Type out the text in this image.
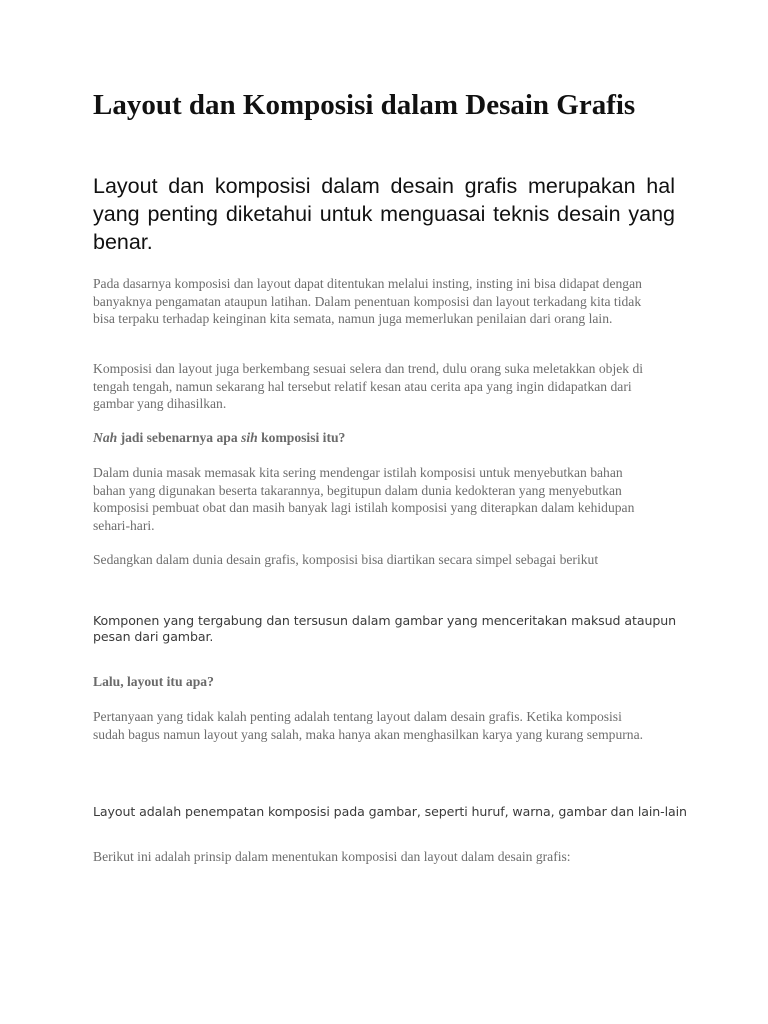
Layout dan Komposisi dalam Desain Grafis

Layout dan komposisi dalam desain grafis merupakan hal yang penting diketahui untuk menguasai teknis desain yang benar.

Pada dasarnya komposisi dan layout dapat ditentukan melalui insting, insting ini bisa didapat dengan banyaknya pengamatan ataupun latihan. Dalam penentuan komposisi dan layout terkadang kita tidak bisa terpaku terhadap keinginan kita semata, namun juga memerlukan penilaian dari orang lain.

Komposisi dan layout juga berkembang sesuai selera dan trend, dulu orang suka meletakkan objek di tengah tengah, namun sekarang hal tersebut relatif kesan atau cerita apa yang ingin didapatkan dari gambar yang dihasilkan.

Nah jadi sebenarnya apa sih komposisi itu?

Dalam dunia masak memasak kita sering mendengar istilah komposisi untuk menyebutkan bahan bahan yang digunakan beserta takarannya, begitupun dalam dunia kedokteran yang menyebutkan komposisi pembuat obat dan masih banyak lagi istilah komposisi yang diterapkan dalam kehidupan sehari-hari.

Sedangkan dalam dunia desain grafis, komposisi bisa diartikan secara simpel sebagai berikut

Komponen yang tergabung dan tersusun dalam gambar yang menceritakan maksud ataupun pesan dari gambar.

Lalu, layout itu apa?

Pertanyaan yang tidak kalah penting adalah tentang layout dalam desain grafis. Ketika komposisi sudah bagus namun layout yang salah, maka hanya akan menghasilkan karya yang kurang sempurna.

Layout adalah penempatan komposisi pada gambar, seperti huruf, warna, gambar dan lain-lain

Berikut ini adalah prinsip dalam menentukan komposisi dan layout dalam desain grafis:
